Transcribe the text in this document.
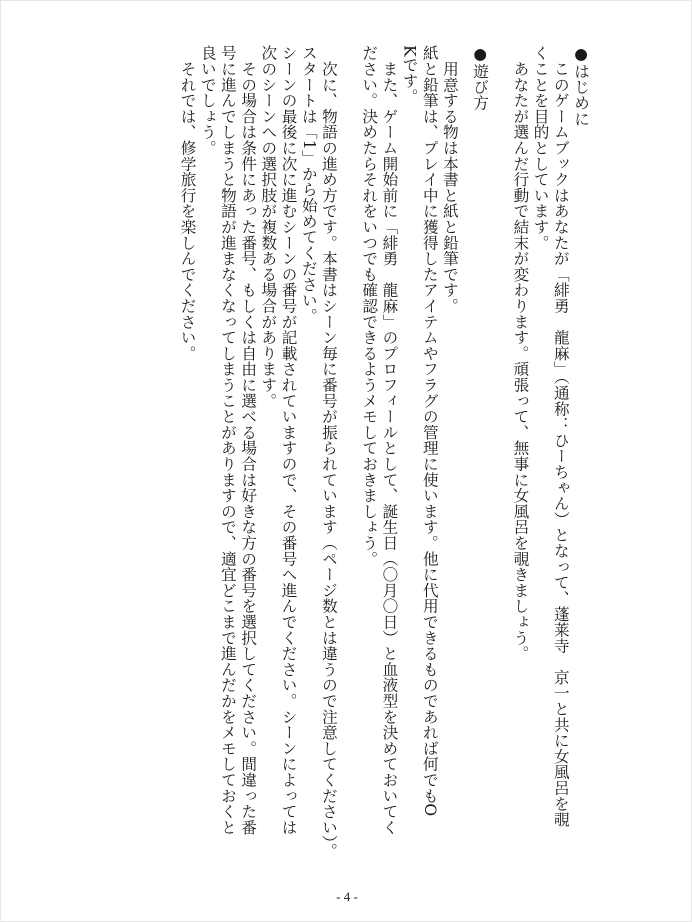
●はじめに
　このゲームブックはあなたが「緋勇　龍麻」（通称：ひーちゃん）となって、蓬莱寺　京一と共に女風呂を覗
くことを目的としています。
　あなたが選んだ行動で結末が変わります。頑張って、無事に女風呂を覗きましょう。
●遊び方
　用意する物は本書と紙と鉛筆です。
紙と鉛筆は、プレイ中に獲得したアイテムやフラグの管理に使います。他に代用できるものであれば何でもO
Kです。
　また、ゲーム開始前に「緋勇　龍麻」のプロフィールとして、誕生日（〇月〇日）と血液型を決めておいてく
ださい。決めたらそれをいつでも確認できるようメモしておきましょう。
　次に、物語の進め方です。本書はシーン毎に番号が振られています（ページ数とは違うので注意してください）。
スタートは「1」から始めてください。
シーンの最後に次に進むシーンの番号が記載されていますので、その番号へ進んでください。シーンによっては
次のシーンへの選択肢が複数ある場合があります。
　その場合は条件にあった番号、もしくは自由に選べる場合は好きな方の番号を選択してください。間違った番
号に進んでしまうと物語が進まなくなってしまうことがありますので、適宜どこまで進んだかをメモしておくと
良いでしょう。
　それでは、修学旅行を楽しんでください。
- 4 -
